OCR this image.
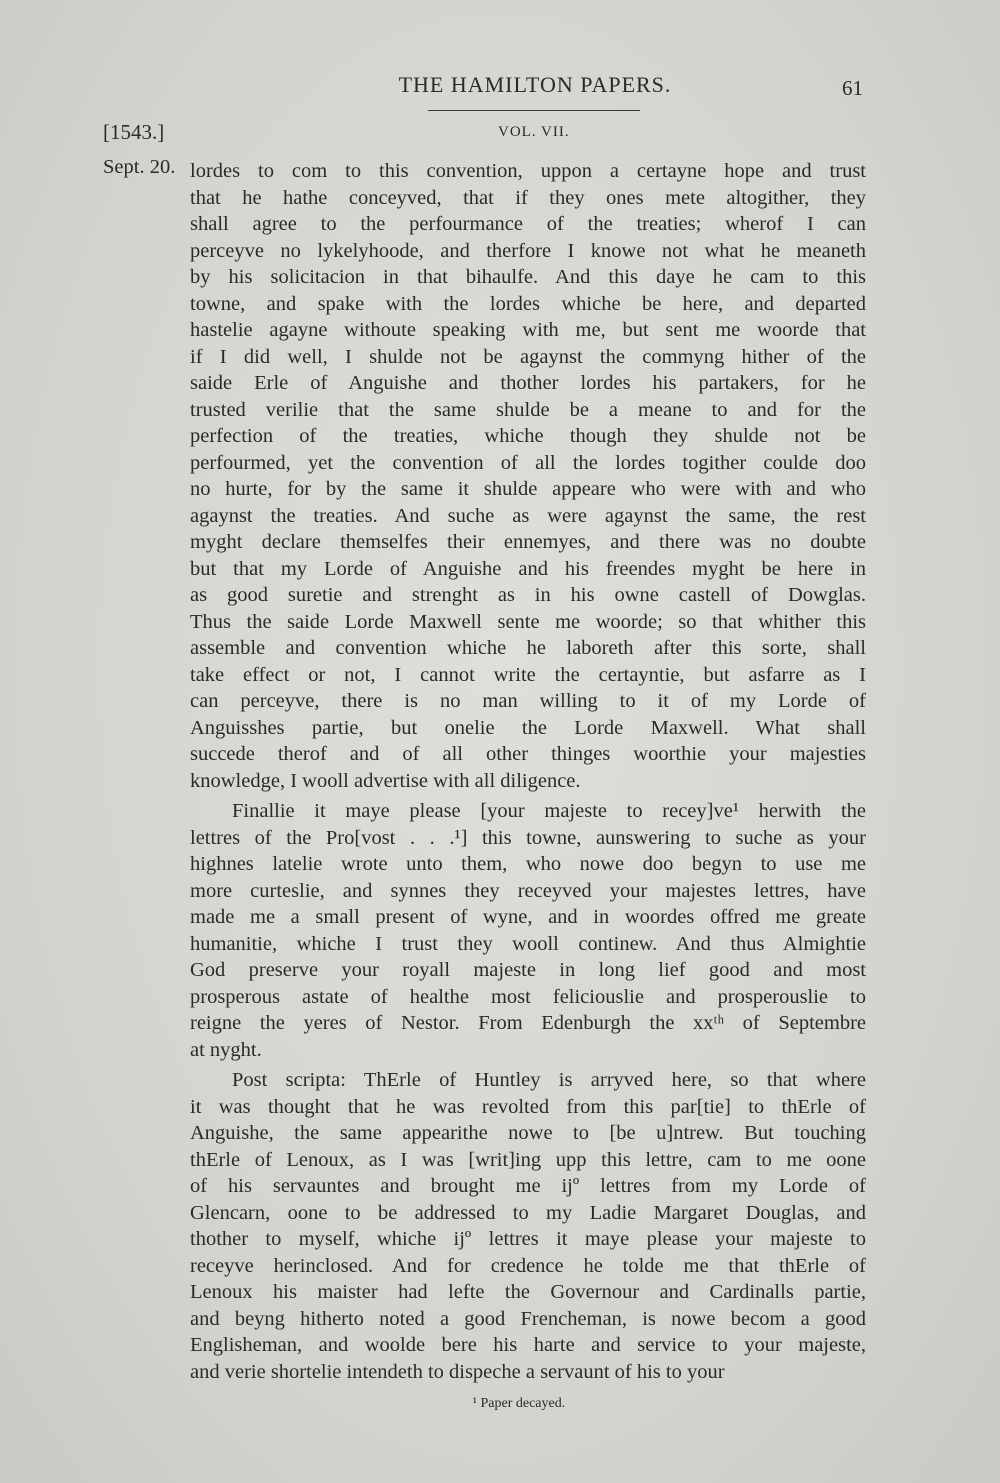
THE HAMILTON PAPERS.	61
[1543.]	VOL. VII.
Sept. 20. lordes to com to this convention, uppon a certayne hope and trust
that he hathe conceyved, that if they ones mete altogither, they
shall agree to the perfourmance of the treaties; wherof I can
perceyve no lykelyhoode, and therfore I knowe not what he meaneth
by his solicitacion in that bihaulfe. And this daye he cam to this
towne, and spake with the lordes whiche be here, and departed
hastelie agayne withoute speaking with me, but sent me woorde that
if I did well, I shulde not be agaynst the commyng hither of the
saide Erle of Anguishe and thother lordes his partakers, for he
trusted verilie that the same shulde be a meane to and for the
perfection of the treaties, whiche though they shulde not be
perfourmed, yet the convention of all the lordes togither coulde doo
no hurte, for by the same it shulde appeare who were with and who
agaynst the treaties. And suche as were agaynst the same, the rest
myght declare themselfes their ennemyes, and there was no doubte
but that my Lorde of Anguishe and his freendes myght be here in
as good suretie and strenght as in his owne castell of Dowglas.
Thus the saide Lorde Maxwell sente me woorde; so that whither this
assemble and convention whiche he laboreth after this sorte, shall
take effect or not, I cannot write the certayntie, but asfarre as I
can perceyve, there is no man willing to it of my Lorde of
Anguisshes partie, but onelie the Lorde Maxwell. What shall
succede therof and of all other thinges woorthie your majesties
knowledge, I wooll advertise with all diligence.
Finallie it maye please [your majeste to recey]ve¹ herwith the
lettres of the Pro[vost . . .¹] this towne, aunswering to suche as your
highnes latelie wrote unto them, who nowe doo begyn to use me
more curteslie, and synnes they receyved your majestes lettres, have
made me a small present of wyne, and in woordes offred me greate
humanitie, whiche I trust they wooll continew. And thus Almightie
God preserve your royall majeste in long lief good and most
prosperous astate of healthe most feliciouslie and prosperouslie to
reigne the yeres of Nestor. From Edenburgh the xxᵗʰ of Septembre
at nyght.
Post scripta: ThErle of Huntley is arryved here, so that where
it was thought that he was revolted from this par[tie] to thErle of
Anguishe, the same appearithe nowe to [be u]ntrew. But touching
thErle of Lenoux, as I was [writ]ing upp this lettre, cam to me oone
of his servauntes and brought me ijº lettres from my Lorde of
Glencarn, oone to be addressed to my Ladie Margaret Douglas, and
thother to myself, whiche ijº lettres it maye please your majeste to
receyve herinclosed. And for credence he tolde me that thErle of
Lenoux his maister had lefte the Governour and Cardinalls partie,
and beyng hitherto noted a good Frencheman, is nowe becom a good
Englisheman, and woolde bere his harte and service to your majeste,
and verie shortelie intendeth to dispeche a servaunt of his to your
¹ Paper decayed.
